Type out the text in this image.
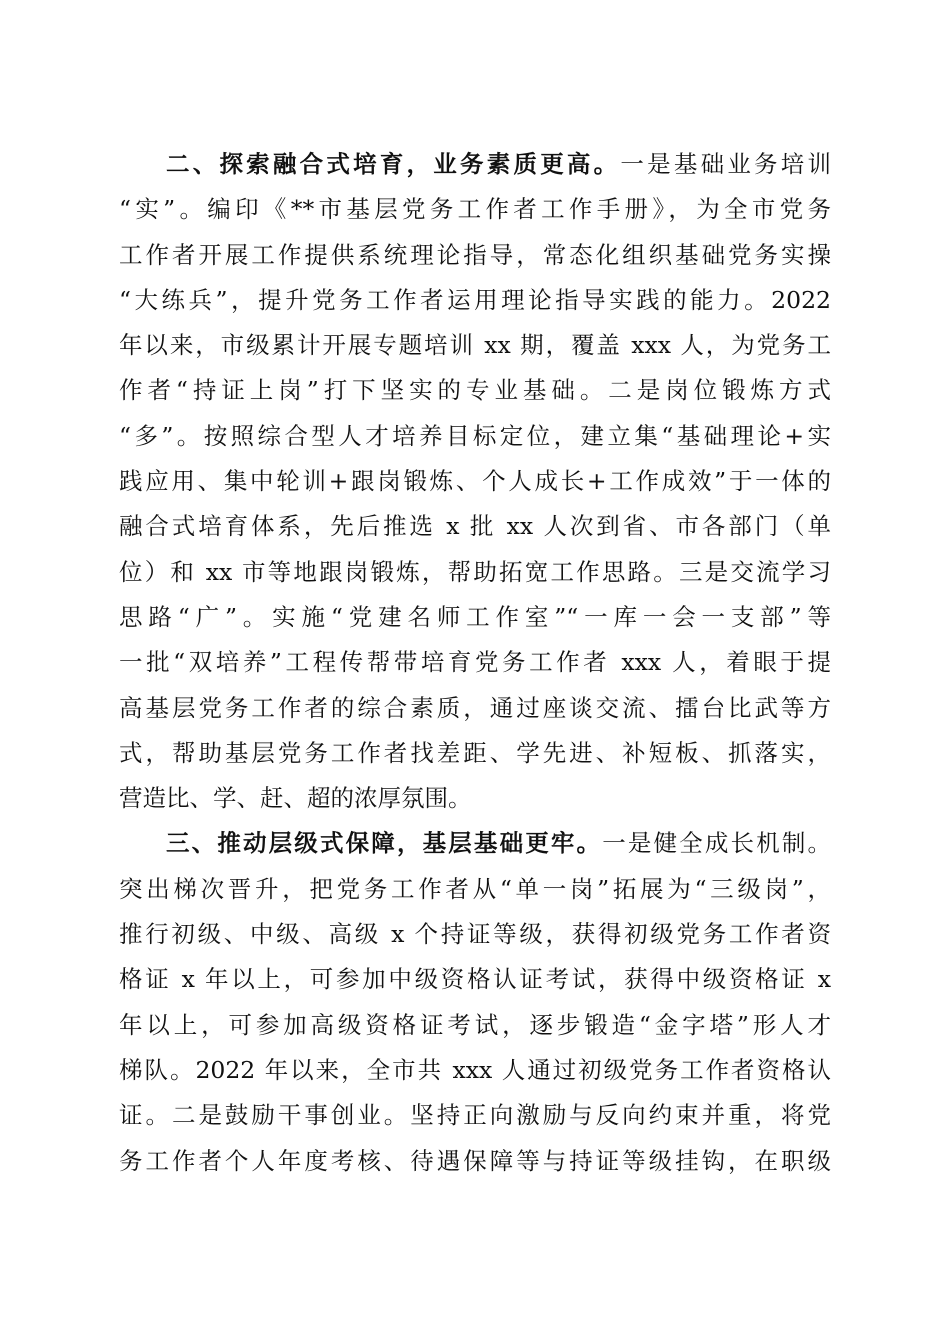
二、探索融合式培育，业务素质更高。一是基础业务培训
“实”。编印《**市基层党务工作者工作手册》，为全市党务
工作者开展工作提供系统理论指导，常态化组织基础党务实操
“大练兵”，提升党务工作者运用理论指导实践的能力。2022
年以来，市级累计开展专题培训 xx 期，覆盖 xxx 人，为党务工
作者“持证上岗”打下坚实的专业基础。二是岗位锻炼方式
“多”。按照综合型人才培养目标定位，建立集“基础理论+实
践应用、集中轮训+跟岗锻炼、个人成长+工作成效”于一体的
融合式培育体系，先后推选 x 批 xx 人次到省、市各部门（单
位）和 xx 市等地跟岗锻炼，帮助拓宽工作思路。三是交流学习
思路“广”。实施“党建名师工作室”“一库一会一支部”等
一批“双培养”工程传帮带培育党务工作者 xxx 人，着眼于提
高基层党务工作者的综合素质，通过座谈交流、擂台比武等方
式，帮助基层党务工作者找差距、学先进、补短板、抓落实，
营造比、学、赶、超的浓厚氛围。
三、推动层级式保障，基层基础更牢。一是健全成长机制。
突出梯次晋升，把党务工作者从“单一岗”拓展为“三级岗”，
推行初级、中级、高级 x 个持证等级，获得初级党务工作者资
格证 x 年以上，可参加中级资格认证考试，获得中级资格证 x
年以上，可参加高级资格证考试，逐步锻造“金字塔”形人才
梯队。2022 年以来，全市共 xxx 人通过初级党务工作者资格认
证。二是鼓励干事创业。坚持正向激励与反向约束并重，将党
务工作者个人年度考核、待遇保障等与持证等级挂钩，在职级
